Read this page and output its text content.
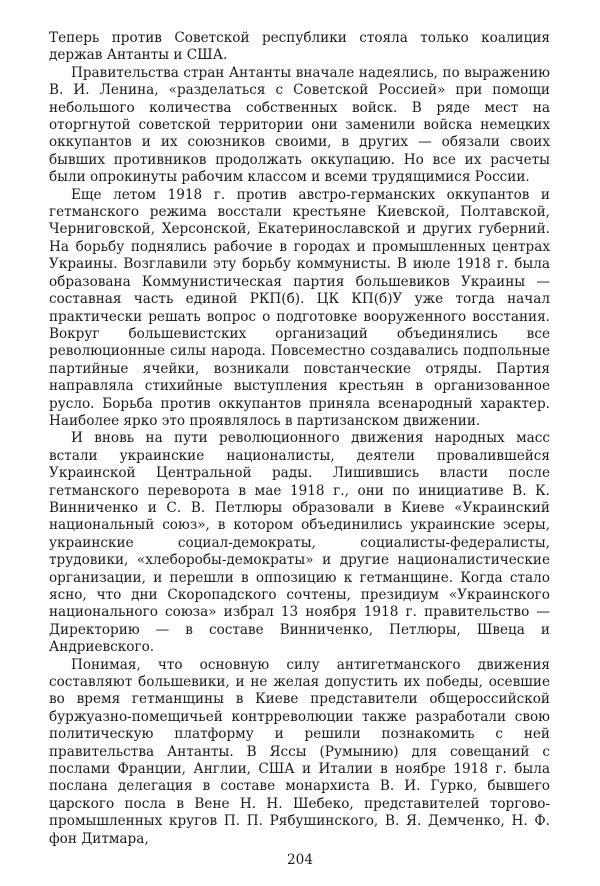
Теперь против Советской республики стояла только коалиция держав Антанты и США.

Правительства стран Антанты вначале надеялись, по выражению В. И. Ленина, «разделаться с Советской Россией» при помощи небольшого количества собственных войск. В ряде мест на оторгнутой советской территории они заменили войска немецких оккупантов и их союзников своими, в других — обязали своих бывших противников продолжать оккупацию. Но все их расчеты были опрокинуты рабочим классом и всеми трудящимися России.

Еще летом 1918 г. против австро-германских оккупантов и гетманского режима восстали крестьяне Киевской, Полтавской, Черниговской, Херсонской, Екатеринославской и других губерний. На борьбу поднялись рабочие в городах и промышленных центрах Украины. Возглавили эту борьбу коммунисты. В июле 1918 г. была образована Коммунистическая партия большевиков Украины — составная часть единой РКП(б). ЦК КП(б)У уже тогда начал практически решать вопрос о подготовке вооруженного восстания. Вокруг большевистских организаций объединялись все революционные силы народа. Повсеместно создавались подпольные партийные ячейки, возникали повстанческие отряды. Партия направляла стихийные выступления крестьян в организованное русло. Борьба против оккупантов приняла всенародный характер. Наиболее ярко это проявлялось в партизанском движении.

И вновь на пути революционного движения народных масс встали украинские националисты, деятели провалившейся Украинской Центральной рады. Лишившись власти после гетманского переворота в мае 1918 г., они по инициативе В. К. Винниченко и С. В. Петлюры образовали в Киеве «Украинский национальный союз», в котором объединились украинские эсеры, украинские социал-демократы, социалисты-федералисты, трудовики, «хлеборобы-демократы» и другие националистические организации, и перешли в оппозицию к гетманщине. Когда стало ясно, что дни Скоропадского сочтены, президиум «Украинского национального союза» избрал 13 ноября 1918 г. правительство — Директорию — в составе Винниченко, Петлюры, Швеца и Андриевского.

Понимая, что основную силу антигетманского движения составляют большевики, и не желая допустить их победы, осевшие во время гетманщины в Киеве представители общероссийской буржуазно-помещичьей контрреволюции также разработали свою политическую платформу и решили познакомить с ней правительства Антанты. В Яссы (Румынию) для совещаний с послами Франции, Англии, США и Италии в ноябре 1918 г. была послана делегация в составе монархиста В. И. Гурко, бывшего царского посла в Вене Н. Н. Шебеко, представителей торгово-промышленных кругов П. П. Рябушинского, В. Я. Демченко, Н. Ф. фон Дитмара,

204
